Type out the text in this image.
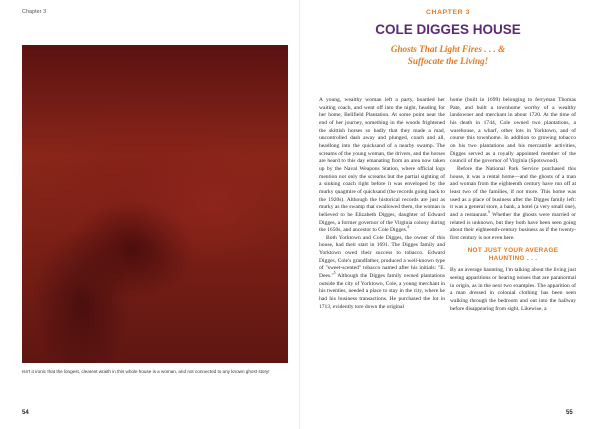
Chapter 3
Isn't it ironic that the longest, clearest wraith in this whole house is a woman, and not connected to any known ghost story!
54
CHAPTER 3
COLE DIGGES HOUSE
Ghosts That Light Fires . . . &
Suffocate the Living!

A young, wealthy woman left a party, boarded her waiting coach, and went off into the night, heading for her home, Bellfield Plantation. At some point near the end of her journey, something in the woods frightened the skittish horses so badly that they made a mad, uncontrolled dash away and plunged, coach and all, headlong into the quicksand of a nearby swamp. The screams of the young woman, the drivers, and the horses are heard to this day emanating from an area now taken up by the Naval Weapons Station, where official logs mention not only the screams but the partial sighting of a sinking coach right before it was enveloped by the murky quagmire of quicksand (the records going back to the 1920s). Although the historical records are just as murky as the swamp that swallowed them, the woman is believed to be Elizabeth Digges, daughter of Edward Digges, a former governor of the Virginia colony during the 1650s, and ancestor to Cole Digges.$^4$

Both Yorktown and Cole Digges, the owner of this house, had their start in 1691. The Digges family and Yorktown owed their success to tobacco. Edward Digges, Cole's grandfather, produced a well-known type of "sweet-scented" tobacco named after his initials: "E. Dees."$^5$ Although the Digges family owned plantations outside the city of Yorktown, Cole, a young merchant in his twenties, needed a place to stay in the city, where he had his business transactions. He purchased the lot in 1713, evidently tore down the original

home (built in 1699) belonging to ferryman Thomas Pate, and built a townhome worthy of a wealthy landowner and merchant in about 1720. At the time of his death in 1744, Cole owned two plantations, a warehouse, a wharf, other lots in Yorktown, and of course this townhome. In addition to growing tobacco on his two plantations and his mercantile activities, Digges served as a royally appointed member of the council of the governor of Virginia (Spotswood).

Before the National Park Service purchased this house, it was a rental home—and the ghosts of a man and woman from the eighteenth century have run off at least two of the families, if not more. This home was used as a place of business after the Digges family left: it was a general store, a bank, a hotel (a very small one), and a restaurant.$^6$ Whether the ghosts were married or related is unknown, but they both have been seen going about their eighteenth-century business as if the twenty-first century is not even here.

NOT JUST YOUR AVERAGE
HAUNTING . . .

By an average haunting, I'm talking about the living just seeing apparitions or hearing noises that are paranormal in origin, as in the next two examples. The apparition of a man dressed in colonial clothing has been seen walking through the bedroom and out into the hallway before disappearing from sight. Likewise, a

55
